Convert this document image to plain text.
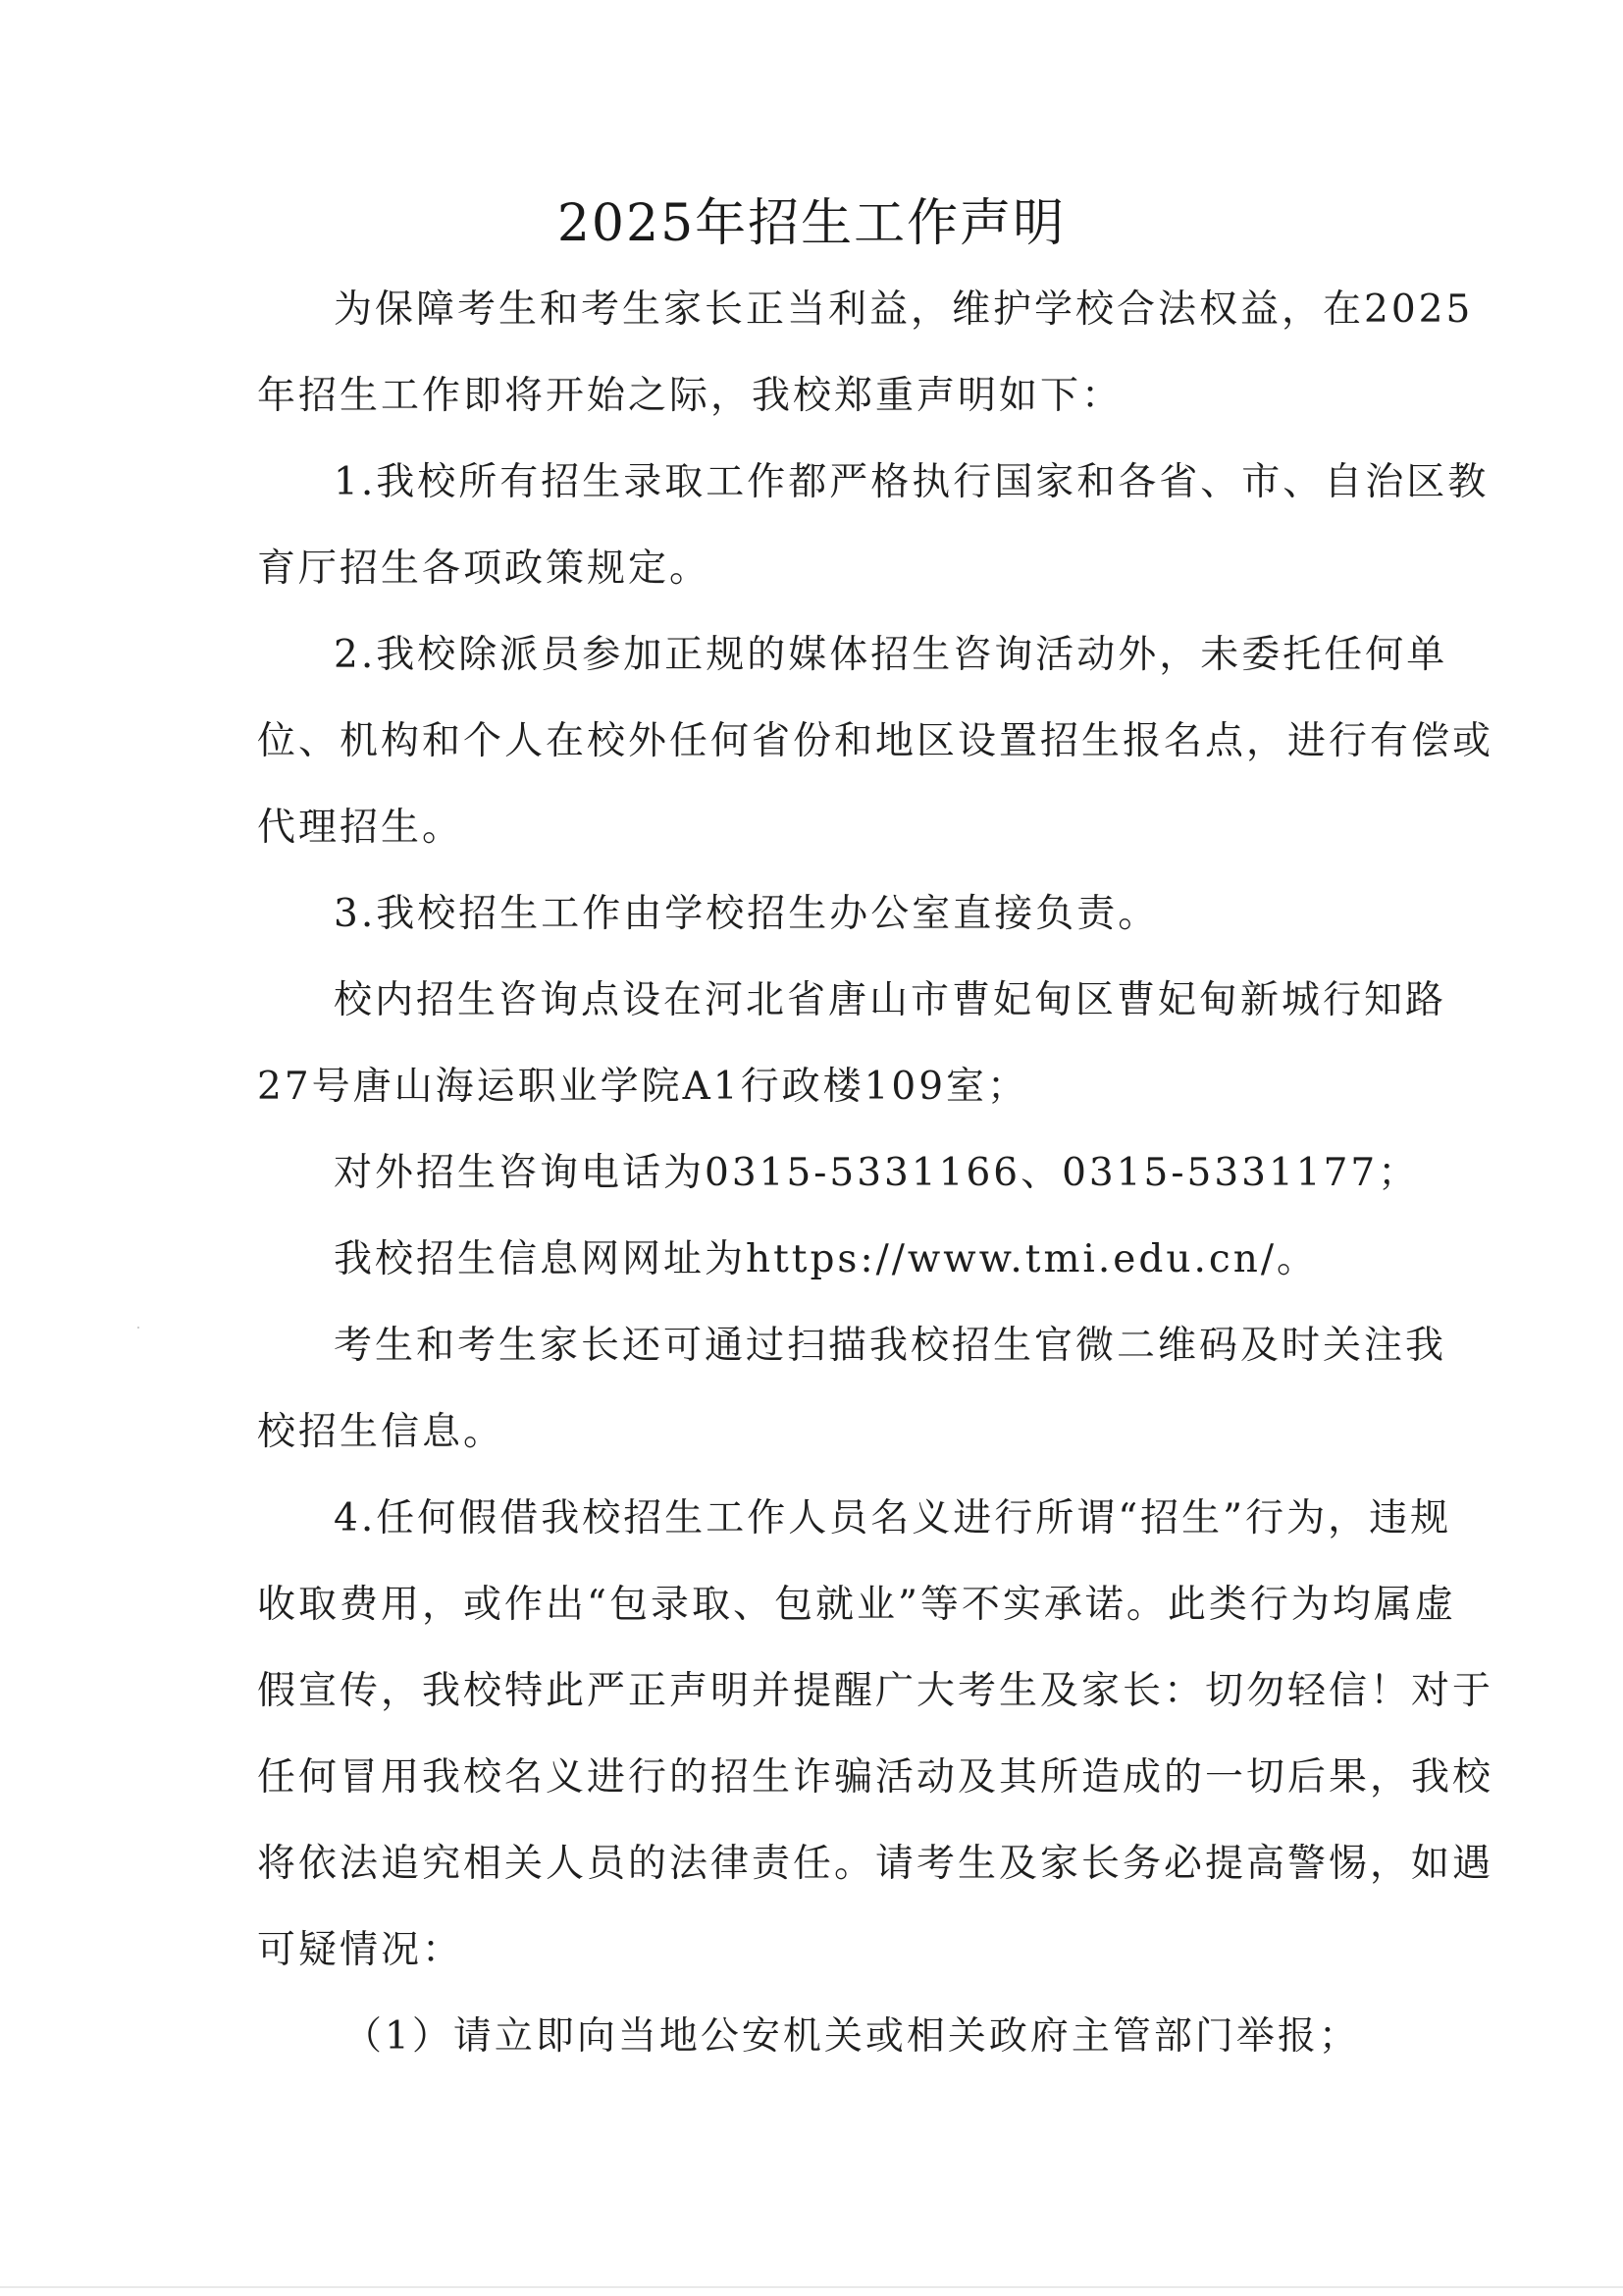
2025年招生工作声明

为保障考生和考生家长正当利益，维护学校合法权益，在2025
年招生工作即将开始之际，我校郑重声明如下：

1.我校所有招生录取工作都严格执行国家和各省、市、自治区教
育厅招生各项政策规定。

2.我校除派员参加正规的媒体招生咨询活动外，未委托任何单
位、机构和个人在校外任何省份和地区设置招生报名点，进行有偿或
代理招生。

3.我校招生工作由学校招生办公室直接负责。

校内招生咨询点设在河北省唐山市曹妃甸区曹妃甸新城行知路
27号唐山海运职业学院A1行政楼109室；

对外招生咨询电话为0315-5331166、0315-5331177；

我校招生信息网网址为https://www.tmi.edu.cn/。

考生和考生家长还可通过扫描我校招生官微二维码及时关注我
校招生信息。

4.任何假借我校招生工作人员名义进行所谓“招生”行为，违规
收取费用，或作出“包录取、包就业”等不实承诺。此类行为均属虚
假宣传，我校特此严正声明并提醒广大考生及家长：切勿轻信！对于
任何冒用我校名义进行的招生诈骗活动及其所造成的一切后果，我校
将依法追究相关人员的法律责任。请考生及家长务必提高警惕，如遇
可疑情况：

（1）请立即向当地公安机关或相关政府主管部门举报；
